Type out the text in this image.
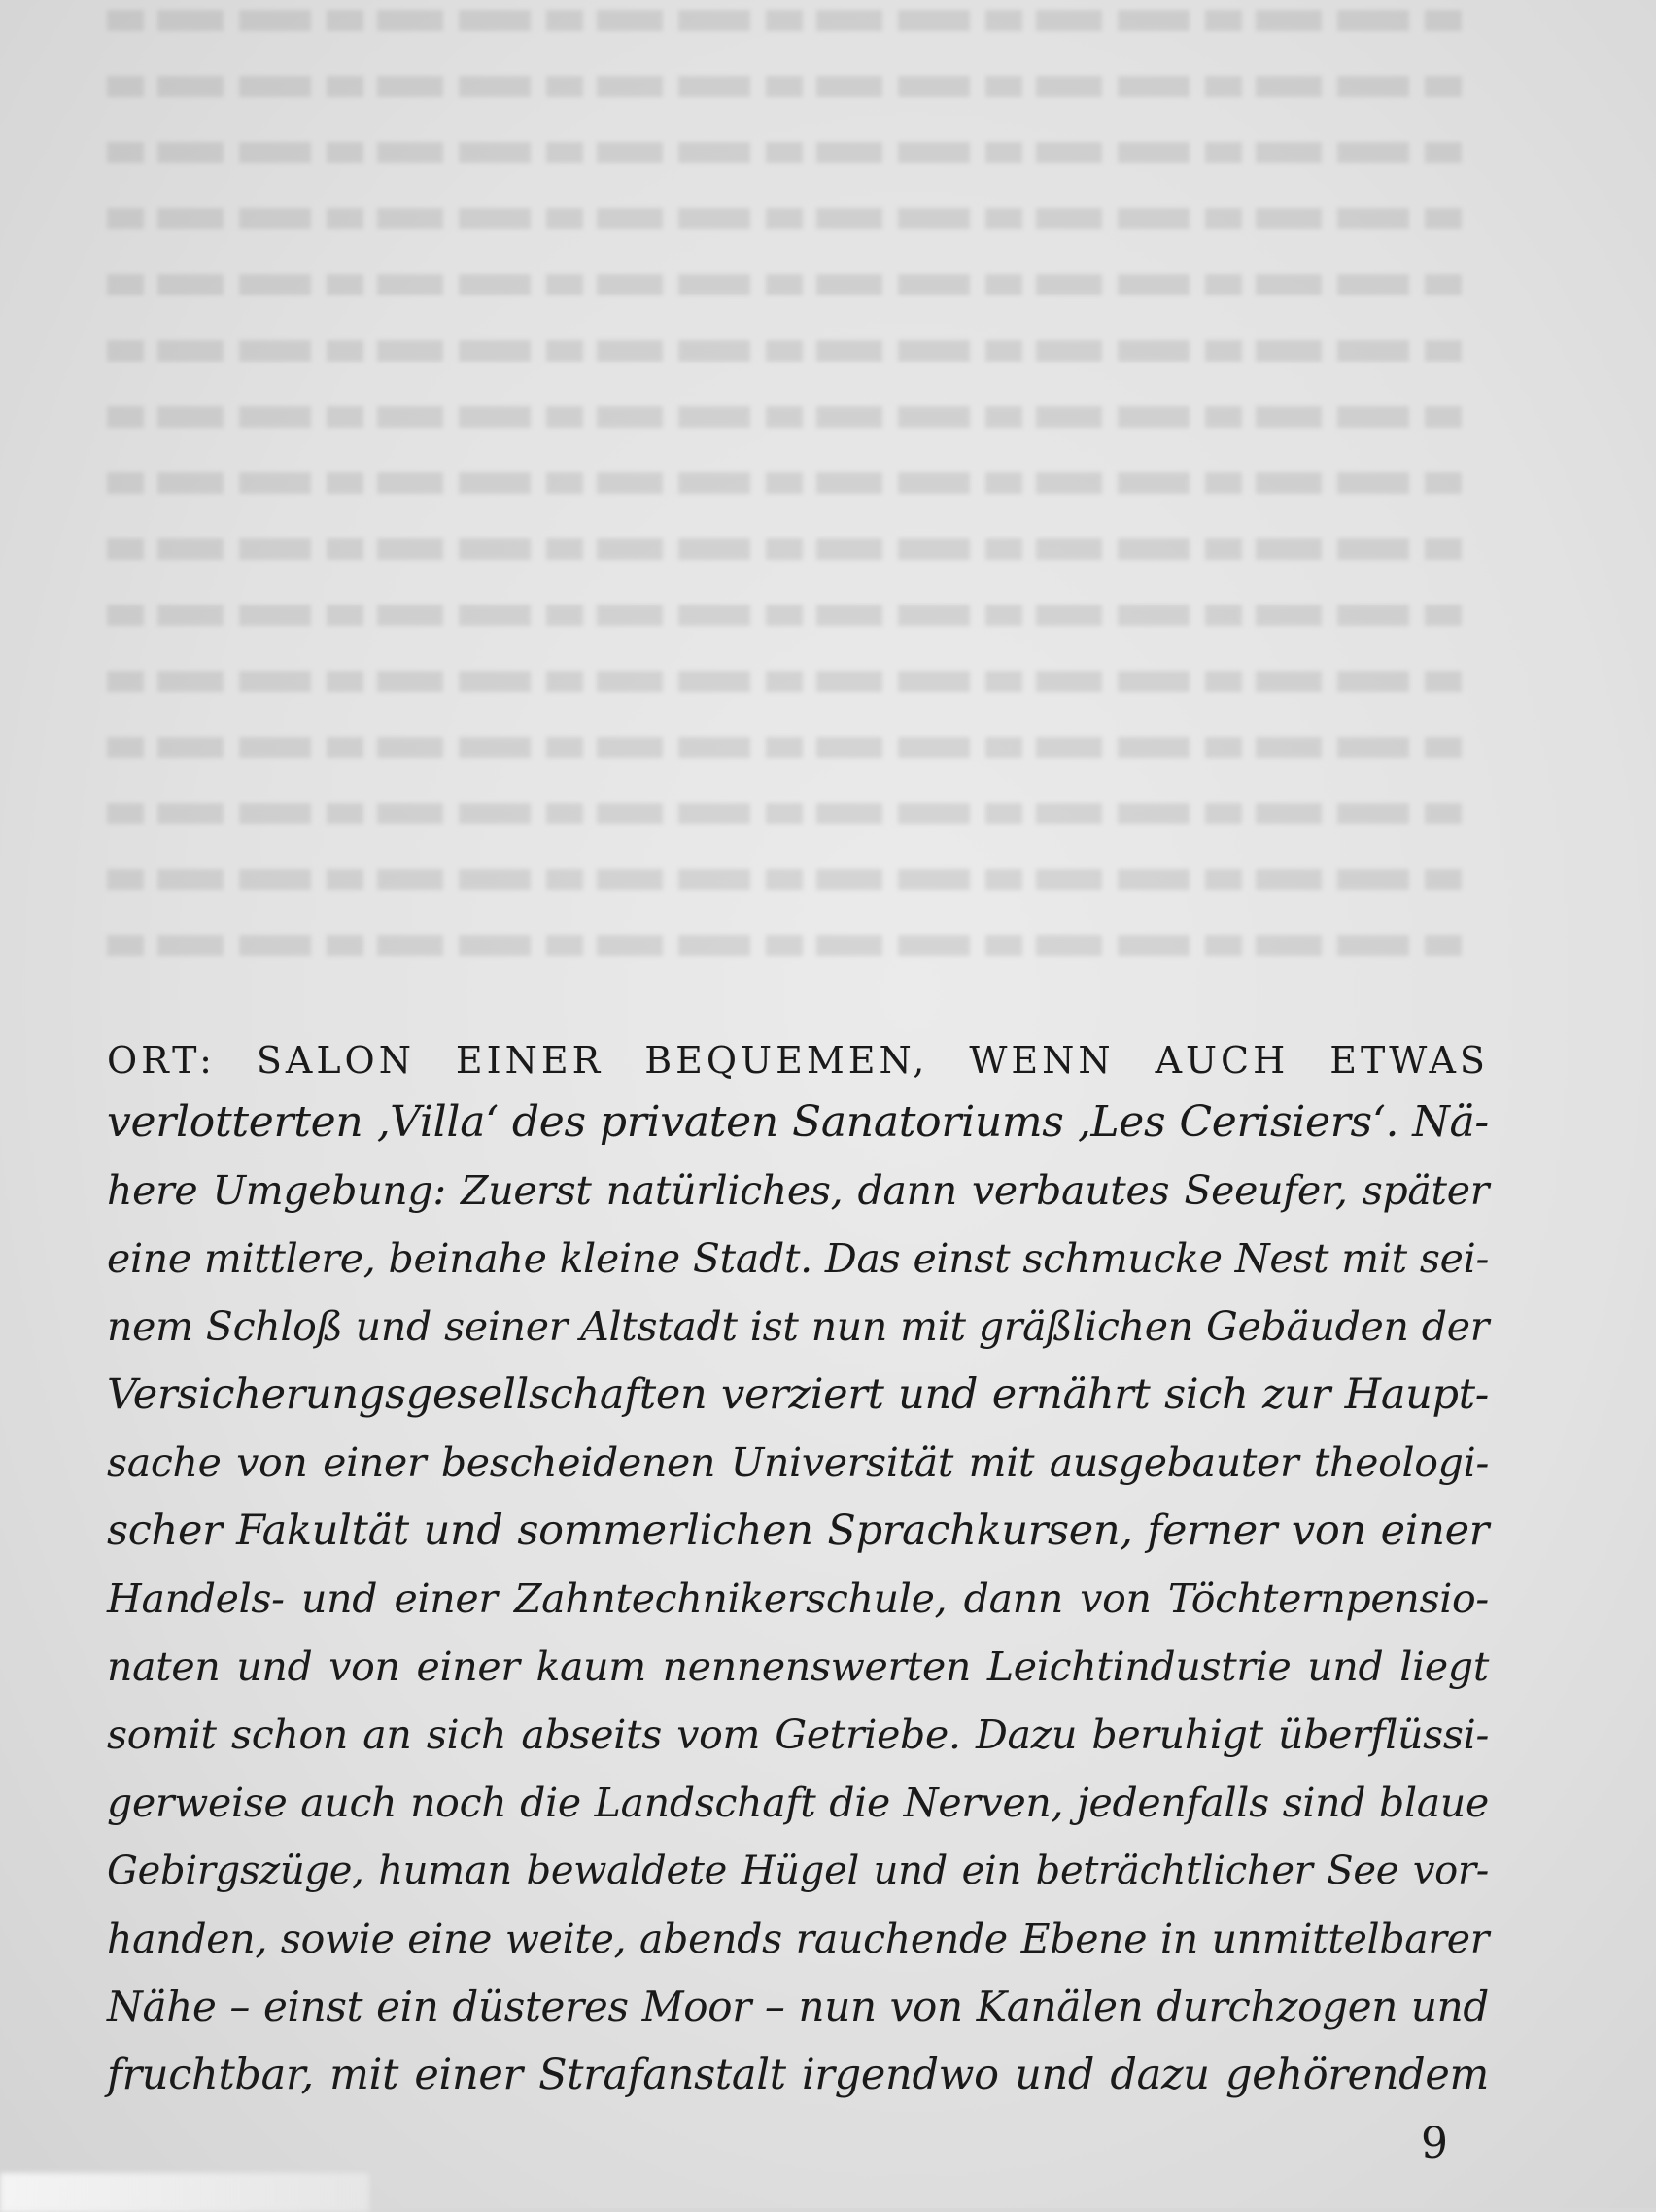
ORT: SALON EINER BEQUEMEN, WENN AUCH ETWAS

verlotterten ‚Villa‘ des privaten Sanatoriums ‚Les Cerisiers‘. Nä-

here Umgebung: Zuerst natürliches, dann verbautes Seeufer, später

eine mittlere, beinahe kleine Stadt. Das einst schmucke Nest mit sei-

nem Schloß und seiner Altstadt ist nun mit gräßlichen Gebäuden der

Versicherungsgesellschaften verziert und ernährt sich zur Haupt-

sache von einer bescheidenen Universität mit ausgebauter theologi-

scher Fakultät und sommerlichen Sprachkursen, ferner von einer

Handels- und einer Zahntechnikerschule, dann von Töchternpensio-

naten und von einer kaum nennenswerten Leichtindustrie und liegt

somit schon an sich abseits vom Getriebe. Dazu beruhigt überflüssi-

gerweise auch noch die Landschaft die Nerven, jedenfalls sind blaue

Gebirgszüge, human bewaldete Hügel und ein beträchtlicher See vor-

handen, sowie eine weite, abends rauchende Ebene in unmittelbarer

Nähe – einst ein düsteres Moor – nun von Kanälen durchzogen und

fruchtbar, mit einer Strafanstalt irgendwo und dazu gehörendem

9
